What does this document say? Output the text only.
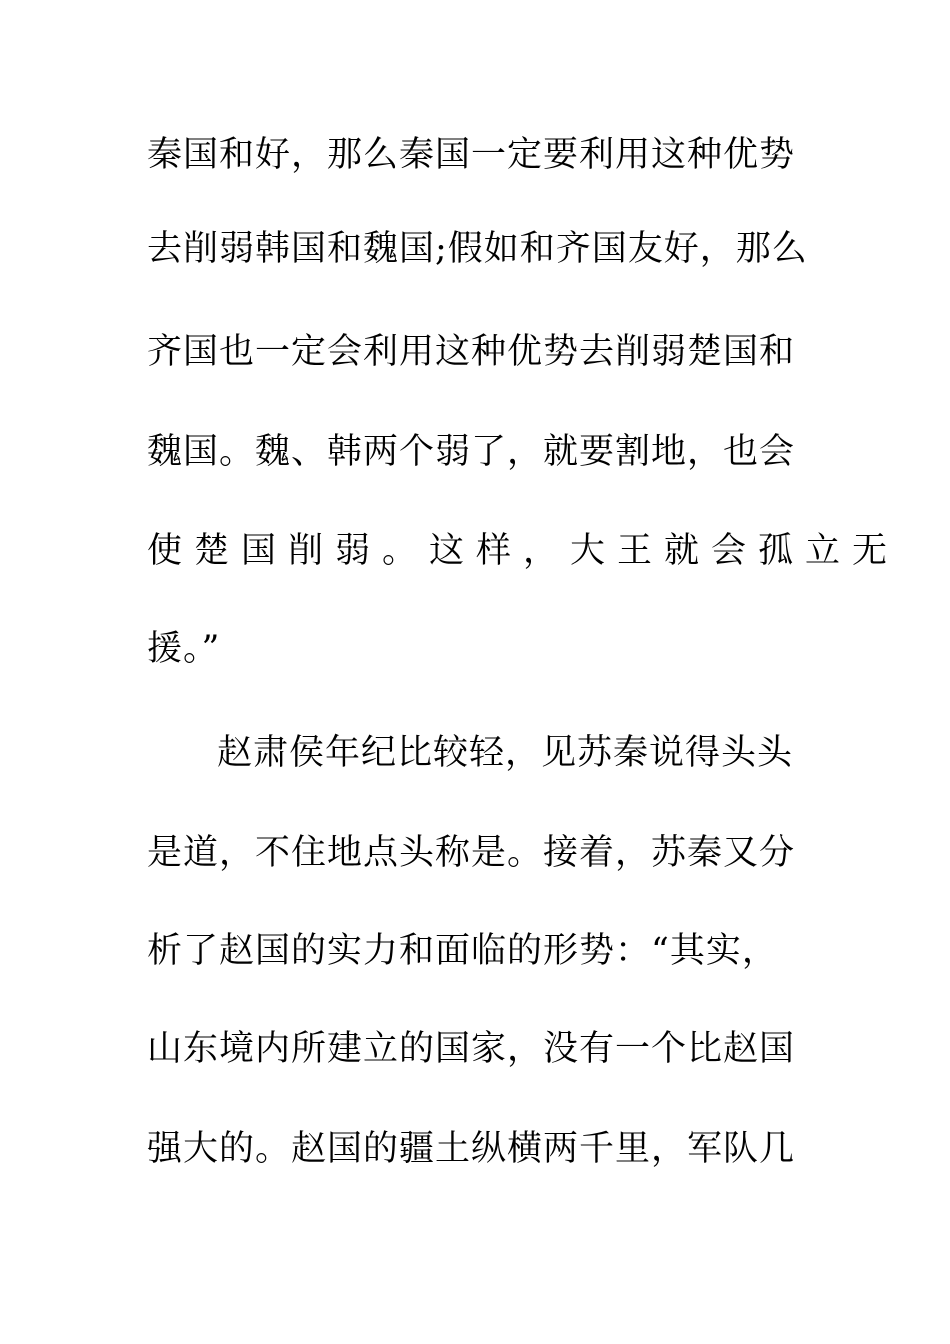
秦国和好，那么秦国一定要利用这种优势
去削弱韩国和魏国;假如和齐国友好，那么
齐国也一定会利用这种优势去削弱楚国和
魏国。魏、韩两个弱了，就要割地，也会
使楚国削弱。这样，大王就会孤立无
援。”
赵肃侯年纪比较轻，见苏秦说得头头
是道，不住地点头称是。接着，苏秦又分
析了赵国的实力和面临的形势：“其实，
山东境内所建立的国家，没有一个比赵国
强大的。赵国的疆土纵横两千里，军队几
